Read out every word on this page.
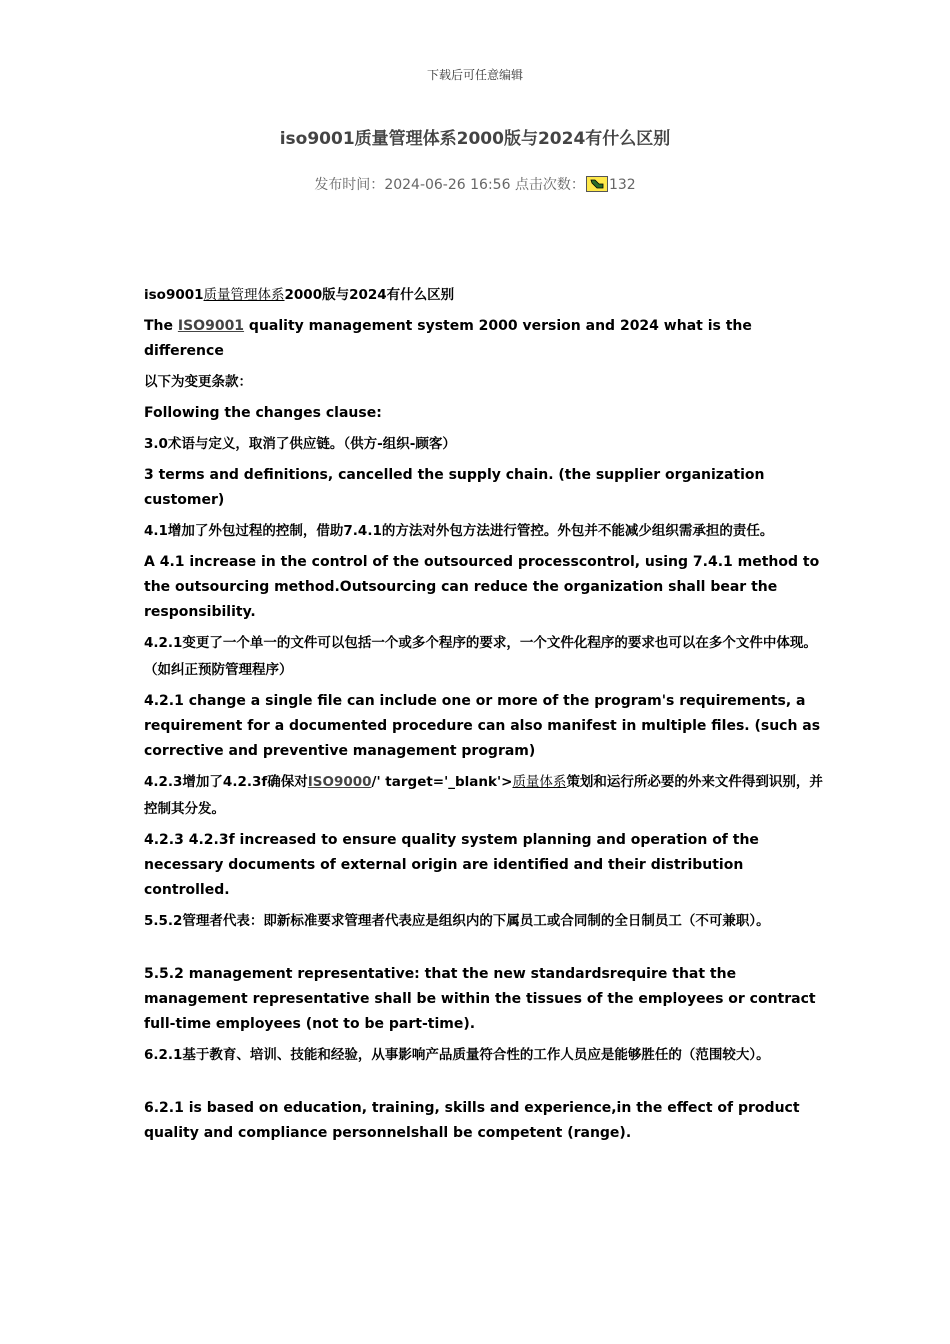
下载后可任意编辑
iso9001质量管理体系2000版与2024有什么区别
发布时间：2024-06-26 16:56 点击次数： 132

iso9001质量管理体系2000版与2024有什么区别

The ISO9001 quality management system 2000 version and 2024 what is the difference

以下为变更条款：

Following the changes clause:

3.0术语与定义，取消了供应链。（供方-组织-顾客）

3 terms and definitions, cancelled the supply chain. (the supplier organization customer)

4.1增加了外包过程的控制，借助7.4.1的方法对外包方法进行管控。外包并不能减少组织需承担的责任。

A 4.1 increase in the control of the outsourced processcontrol, using 7.4.1 method to the outsourcing method.Outsourcing can reduce the organization shall bear the responsibility.

4.2.1变更了一个单一的文件可以包括一个或多个程序的要求，一个文件化程序的要求也可以在多个文件中体现。（如纠正预防管理程序）

4.2.1 change a single file can include one or more of the program's requirements, a requirement for a documented procedure can also manifest in multiple files. (such as corrective and preventive management program)

4.2.3增加了4.2.3f确保对ISO9000/' target='_blank'>质量体系策划和运行所必要的外来文件得到识别，并控制其分发。

4.2.3 4.2.3f increased to ensure quality system planning and operation of the necessary documents of external origin are identified and their distribution controlled.

5.5.2管理者代表：即新标准要求管理者代表应是组织内的下属员工或合同制的全日制员工（不可兼职）。

5.5.2 management representative: that the new standardsrequire that the management representative shall be within the tissues of the employees or contract full-time employees (not to be part-time).

6.2.1基于教育、培训、技能和经验，从事影响产品质量符合性的工作人员应是能够胜任的（范围较大）。

6.2.1 is based on education, training, skills and experience,in the effect of product quality and compliance personnelshall be competent (range).
